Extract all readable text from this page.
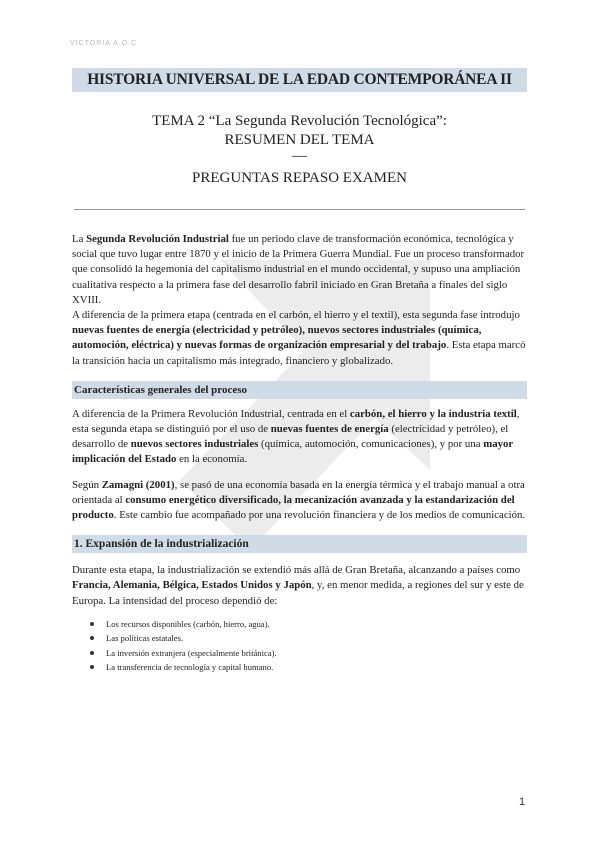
VICTORIA A.O.C
HISTORIA UNIVERSAL DE LA EDAD CONTEMPORÁNEA II
TEMA 2 “La Segunda Revolución Tecnológica”:
RESUMEN DEL TEMA
—
PREGUNTAS REPASO EXAMEN

La Segunda Revolución Industrial fue un periodo clave de transformación económica, tecnológica y social que tuvo lugar entre 1870 y el inicio de la Primera Guerra Mundial. Fue un proceso transformador que consolidó la hegemonía del capitalismo industrial en el mundo occidental, y supuso una ampliación cualitativa respecto a la primera fase del desarrollo fabril iniciado en Gran Bretaña a finales del siglo XVIII.

A diferencia de la primera etapa (centrada en el carbón, el hierro y el textil), esta segunda fase introdujo nuevas fuentes de energía (electricidad y petróleo), nuevos sectores industriales (química, automoción, eléctrica) y nuevas formas de organización empresarial y del trabajo. Esta etapa marcó la transición hacia un capitalismo más integrado, financiero y globalizado.

Características generales del proceso

A diferencia de la Primera Revolución Industrial, centrada en el carbón, el hierro y la industria textil, esta segunda etapa se distinguió por el uso de nuevas fuentes de energía (electricidad y petróleo), el desarrollo de nuevos sectores industriales (química, automoción, comunicaciones), y por una mayor implicación del Estado en la economía.

Según Zamagni (2001), se pasó de una economía basada en la energía térmica y el trabajo manual a otra orientada al consumo energético diversificado, la mecanización avanzada y la estandarización del producto. Este cambio fue acompañado por una revolución financiera y de los medios de comunicación.

1. Expansión de la industrialización

Durante esta etapa, la industrialización se extendió más allá de Gran Bretaña, alcanzando a países como Francia, Alemania, Bélgica, Estados Unidos y Japón, y, en menor medida, a regiones del sur y este de Europa. La intensidad del proceso dependió de:

Los recursos disponibles (carbón, hierro, agua).
Las políticas estatales.
La inversión extranjera (especialmente británica).
La transferencia de tecnología y capital humano.
1
